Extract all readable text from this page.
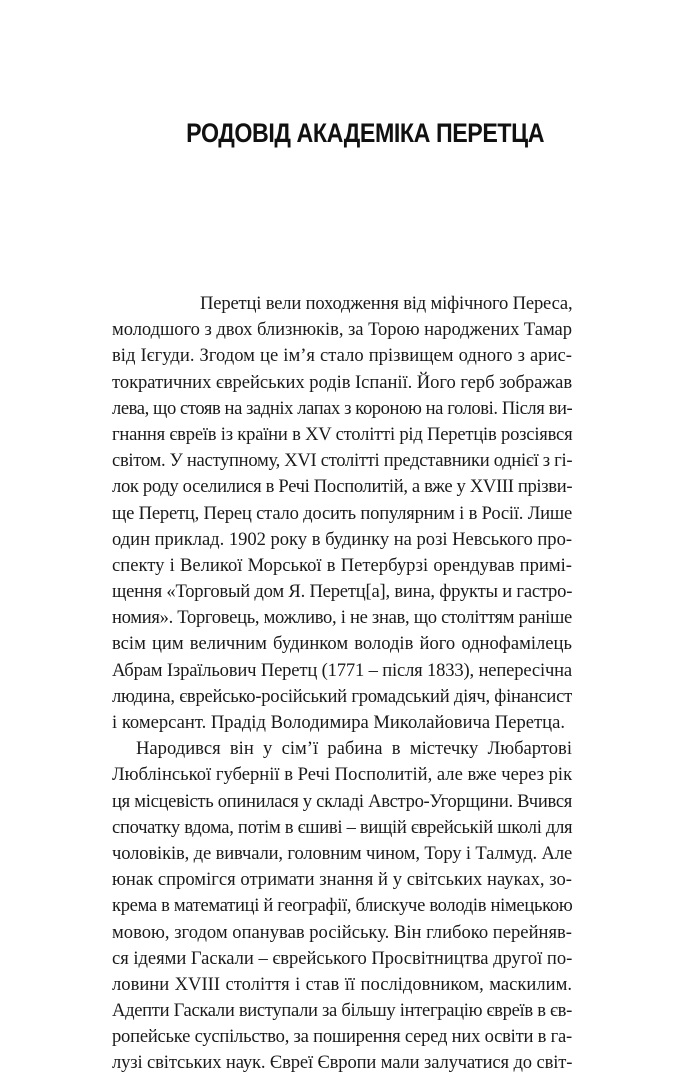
РОДОВІД АКАДЕМІКА ПЕРЕТЦА
Перетці вели походження від міфічного Переса,
молодшого з двох близнюків, за Торою народжених Тамар
від Ієгуди. Згодом це ім’я стало прізвищем одного з арис-
тократичних єврейських родів Іспанії. Його герб зображав
лева, що стояв на задніх лапах з короною на голові. Після ви-
гнання євреїв із країни в XV столітті рід Перетців розсіявся
світом. У наступному, XVI столітті представники однієї з гі-
лок роду оселилися в Речі Посполитій, а вже у XVIII прізви-
ще Перетц, Перец стало досить популярним і в Росії. Лише
один приклад. 1902 року в будинку на розі Невського про-
спекту і Великої Морської в Петербурзі орендував примі-
щення «Торговый дом Я. Перетц[а], вина, фрукты и гастро-
номия». Торговець, можливо, і не знав, що століттям раніше
всім цим величним будинком володів його однофамілець
Абрам Ізраїльович Перетц (1771 – після 1833), непересічна
людина, єврейсько-російський громадський діяч, фінансист
і комерсант. Прадід Володимира Миколайовича Перетца.
Народився він у сім’ї рабина в містечку Любартові
Люблінської губернії в Речі Посполитій, але вже через рік
ця місцевість опинилася у складі Австро-Угорщини. Вчився
спочатку вдома, потім в єшиві – вищій єврейській школі для
чоловіків, де вивчали, головним чином, Тору і Талмуд. Але
юнак спромігся отримати знання й у світських науках, зо-
крема в математиці й географії, блискуче володів німецькою
мовою, згодом опанував російську. Він глибоко перейняв-
ся ідеями Гаскали – єврейського Просвітництва другої по-
ловини XVIII століття і став її послідовником, маскилим.
Адепти Гаскали виступали за більшу інтеграцію євреїв в єв-
ропейське суспільство, за поширення серед них освіти в га-
лузі світських наук. Євреї Європи мали залучатися до світ-
